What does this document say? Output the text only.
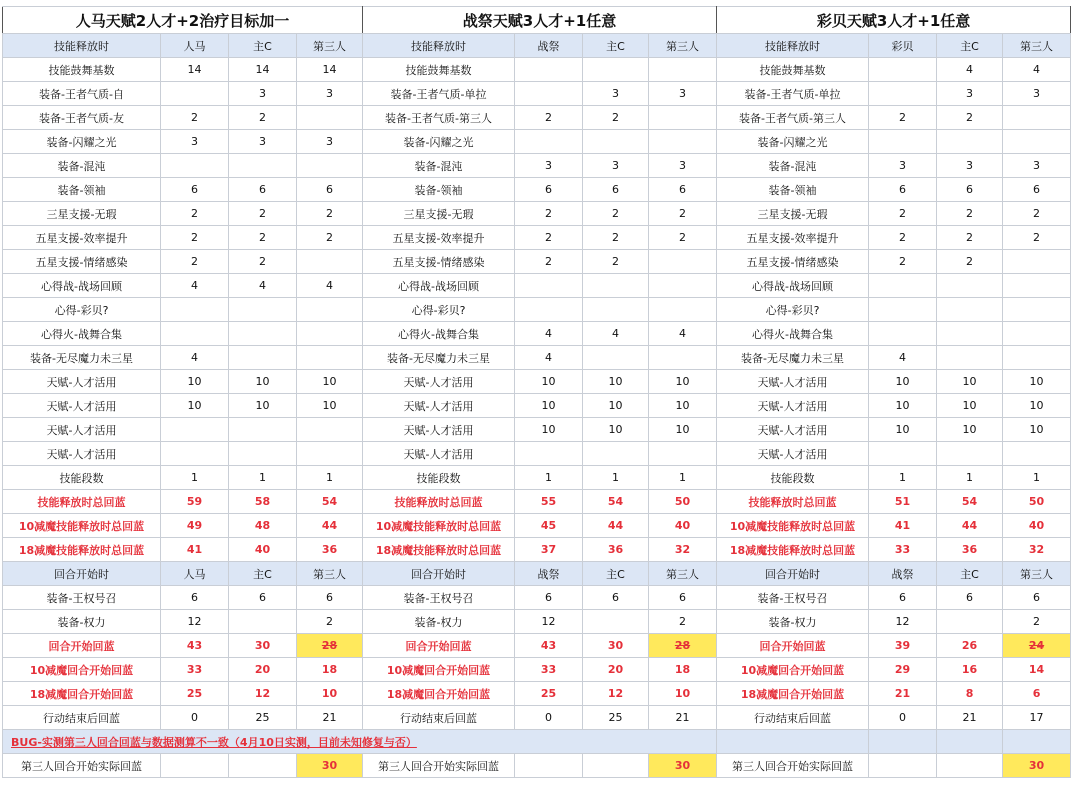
人马天赋2人才+2治疗目标加一				战祭天赋3人才+1任意				彩贝天赋3人才+1任意			
技能释放时	人马	主C	第三人	技能释放时	战祭	主C	第三人	技能释放时	彩贝	主C	第三人
技能鼓舞基数	14	14	14	技能鼓舞基数				技能鼓舞基数		4	4
装备-王者气质-自		3	3	装备-王者气质-单拉		3	3	装备-王者气质-单拉		3	3
装备-王者气质-友	2	2		装备-王者气质-第三人	2	2		装备-王者气质-第三人	2	2	
装备-闪耀之光	3	3	3	装备-闪耀之光				装备-闪耀之光			
装备-混沌				装备-混沌	3	3	3	装备-混沌	3	3	3
装备-领袖	6	6	6	装备-领袖	6	6	6	装备-领袖	6	6	6
三星支援-无瑕	2	2	2	三星支援-无瑕	2	2	2	三星支援-无瑕	2	2	2
五星支援-效率提升	2	2	2	五星支援-效率提升	2	2	2	五星支援-效率提升	2	2	2
五星支援-情绪感染	2	2		五星支援-情绪感染	2	2		五星支援-情绪感染	2	2	
心得战-战场回顾	4	4	4	心得战-战场回顾				心得战-战场回顾			
心得-彩贝?				心得-彩贝?				心得-彩贝?			
心得火-战舞合集				心得火-战舞合集	4	4	4	心得火-战舞合集			
装备-无尽魔力未三星	4			装备-无尽魔力未三星	4			装备-无尽魔力未三星	4		
天赋-人才活用	10	10	10	天赋-人才活用	10	10	10	天赋-人才活用	10	10	10
天赋-人才活用	10	10	10	天赋-人才活用	10	10	10	天赋-人才活用	10	10	10
天赋-人才活用				天赋-人才活用	10	10	10	天赋-人才活用	10	10	10
天赋-人才活用				天赋-人才活用				天赋-人才活用			
技能段数	1	1	1	技能段数	1	1	1	技能段数	1	1	1
技能释放时总回蓝	59	58	54	技能释放时总回蓝	55	54	50	技能释放时总回蓝	51	54	50
10减魔技能释放时总回蓝	49	48	44	10减魔技能释放时总回蓝	45	44	40	10减魔技能释放时总回蓝	41	44	40
18减魔技能释放时总回蓝	41	40	36	18减魔技能释放时总回蓝	37	36	32	18减魔技能释放时总回蓝	33	36	32
回合开始时	人马	主C	第三人	回合开始时	战祭	主C	第三人	回合开始时	战祭	主C	第三人
装备-王权号召	6	6	6	装备-王权号召	6	6	6	装备-王权号召	6	6	6
装备-权力	12		2	装备-权力	12		2	装备-权力	12		2
回合开始回蓝	43	30	28	回合开始回蓝	43	30	28	回合开始回蓝	39	26	24
10减魔回合开始回蓝	33	20	18	10减魔回合开始回蓝	33	20	18	10减魔回合开始回蓝	29	16	14
18减魔回合开始回蓝	25	12	10	18减魔回合开始回蓝	25	12	10	18减魔回合开始回蓝	21	8	6
行动结束后回蓝	0	25	21	行动结束后回蓝	0	25	21	行动结束后回蓝	0	21	17
BUG-实测第三人回合回蓝与数据测算不一致（4月10日实测，目前未知修复与否）											
第三人回合开始实际回蓝			30	第三人回合开始实际回蓝			30	第三人回合开始实际回蓝			30
